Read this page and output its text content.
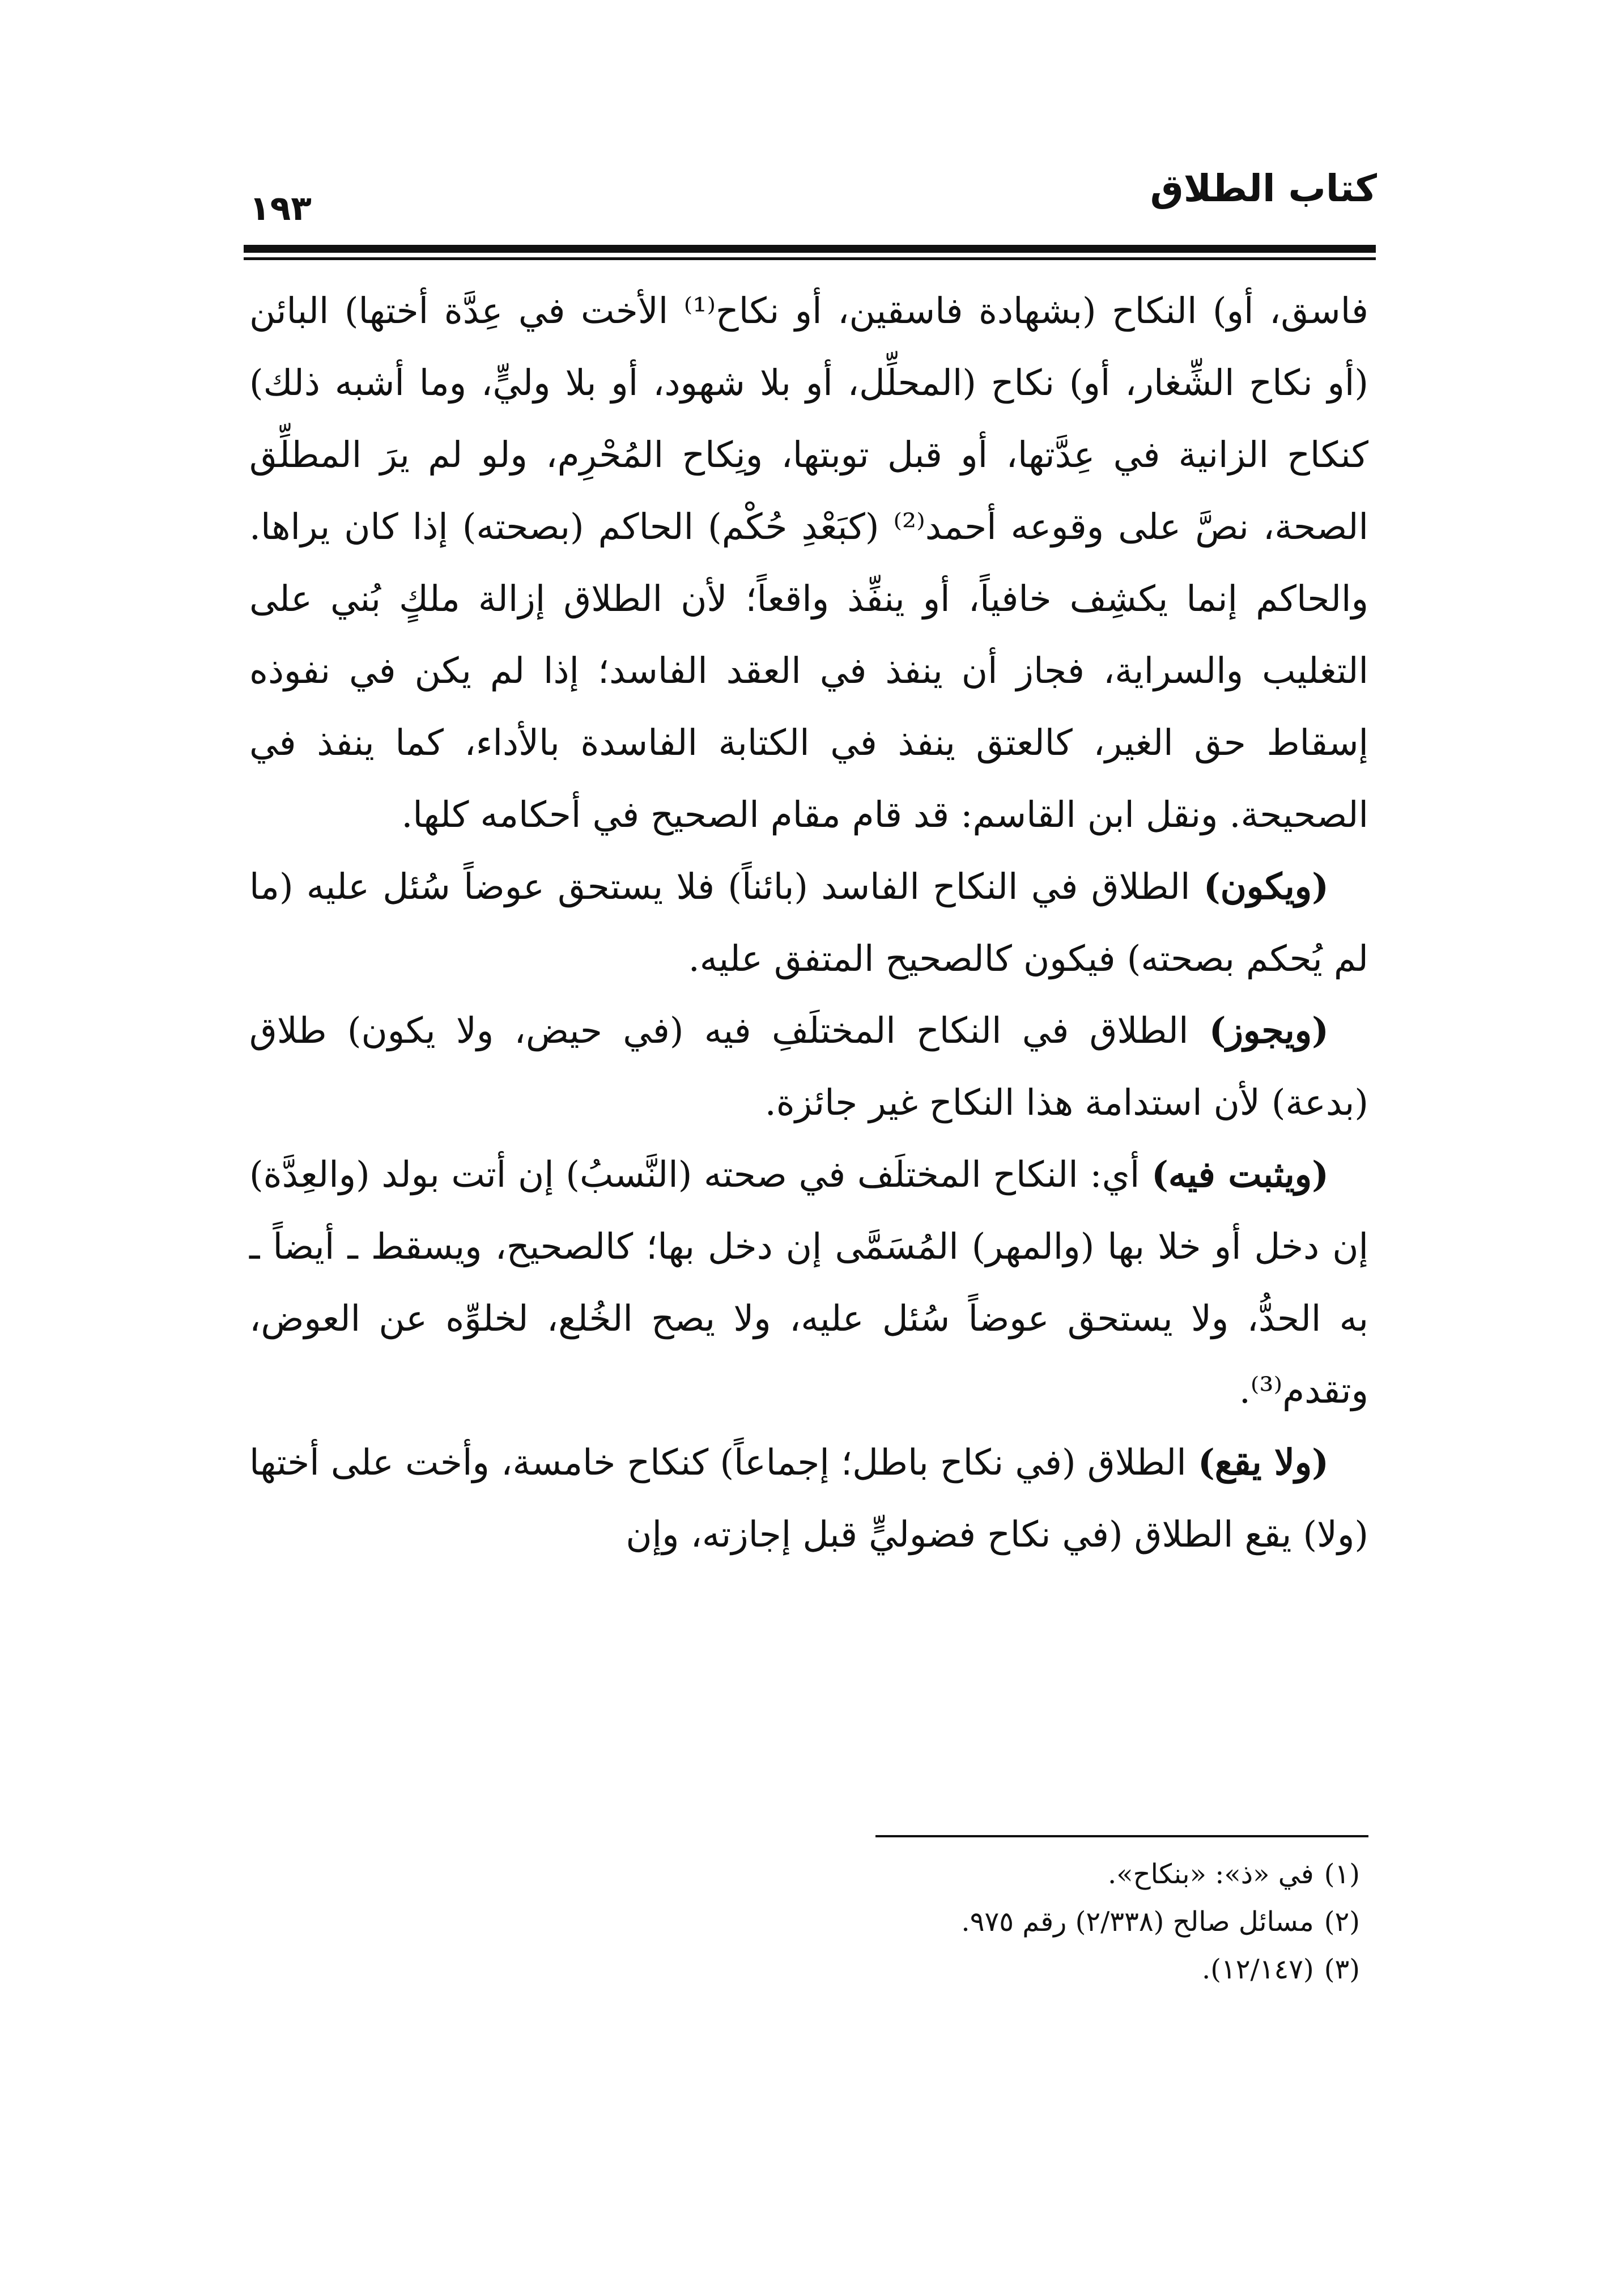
كتاب الطلاق
١٩٣

فاسق، أو) النكاح (بشهادة فاسقين، أو نكاح⁽¹⁾ الأخت في عِدَّة أختها) البائن (أو نكاح الشِّغار، أو) نكاح (المحلِّل، أو بلا شهود، أو بلا وليٍّ، وما أشبه ذلك) كنكاح الزانية في عِدَّتها، أو قبل توبتها، ونِكاح المُحْرِم، ولو لم يرَ المطلِّق الصحة، نصَّ على وقوعه أحمد⁽²⁾ (كبَعْدِ حُكْم) الحاكم (بصحته) إذا كان يراها. والحاكم إنما يكشِف خافياً، أو ينفِّذ واقعاً؛ لأن الطلاق إزالة ملكٍ بُني على التغليب والسراية، فجاز أن ينفذ في العقد الفاسد؛ إذا لم يكن في نفوذه إسقاط حق الغير، كالعتق ينفذ في الكتابة الفاسدة بالأداء، كما ينفذ في الصحيحة. ونقل ابن القاسم: قد قام مقام الصحيح في أحكامه كلها.

(ويكون) الطلاق في النكاح الفاسد (بائناً) فلا يستحق عوضاً سُئل عليه (ما لم يُحكم بصحته) فيكون كالصحيح المتفق عليه.

(ويجوز) الطلاق في النكاح المختلَفِ فيه (في حيض، ولا يكون) طلاق (بدعة) لأن استدامة هذا النكاح غير جائزة.

(ويثبت فيه) أي: النكاح المختلَف في صحته (النَّسبُ) إن أتت بولد (والعِدَّة) إن دخل أو خلا بها (والمهر) المُسَمَّى إن دخل بها؛ كالصحيح، ويسقط ـ أيضاً ـ به الحدُّ، ولا يستحق عوضاً سُئل عليه، ولا يصح الخُلع، لخلوِّه عن العوض، وتقدم⁽³⁾.

(ولا يقع) الطلاق (في نكاح باطل؛ إجماعاً) كنكاح خامسة، وأخت على أختها (ولا) يقع الطلاق (في نكاح فضوليٍّ قبل إجازته، وإن

(١)في «ذ»: «بنكاح».

(٢)مسائل صالح (٢/٣٣٨) رقم ٩٧٥.

(٣)(١٢/١٤٧).
